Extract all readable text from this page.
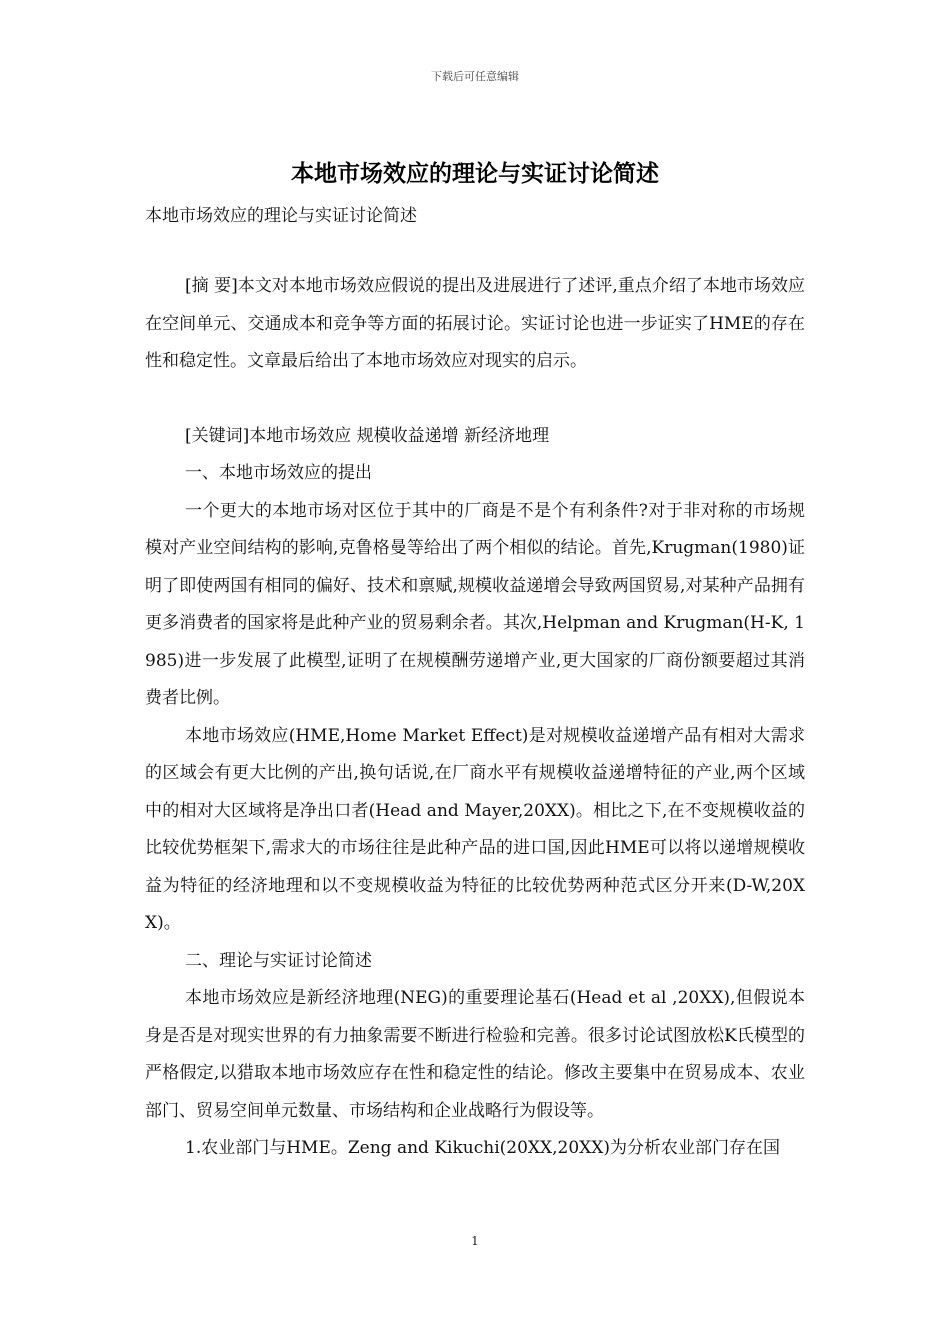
下载后可任意编辑
本地市场效应的理论与实证讨论简述
本地市场效应的理论与实证讨论简述
[摘 要]本文对本地市场效应假说的提出及进展进行了述评,重点介绍了本地市场效应在空间单元、交通成本和竞争等方面的拓展讨论。实证讨论也进一步证实了HME的存在性和稳定性。文章最后给出了本地市场效应对现实的启示。
[关键词]本地市场效应 规模收益递增 新经济地理

一、本地市场效应的提出

一个更大的本地市场对区位于其中的厂商是不是个有利条件?对于非对称的市场规模对产业空间结构的影响,克鲁格曼等给出了两个相似的结论。首先,Krugman(1980)证明了即使两国有相同的偏好、技术和禀赋,规模收益递增会导致两国贸易,对某种产品拥有更多消费者的国家将是此种产业的贸易剩余者。其次,Helpman and Krugman(H-K, 1985)进一步发展了此模型,证明了在规模酬劳递增产业,更大国家的厂商份额要超过其消费者比例。

本地市场效应(HME,Home Market Effect)是对规模收益递增产品有相对大需求的区域会有更大比例的产出,换句话说,在厂商水平有规模收益递增特征的产业,两个区域中的相对大区域将是净出口者(Head and Mayer,20XX)。相比之下,在不变规模收益的比较优势框架下,需求大的市场往往是此种产品的进口国,因此HME可以将以递增规模收益为特征的经济地理和以不变规模收益为特征的比较优势两种范式区分开来(D-W,20XX)。

二、理论与实证讨论简述

本地市场效应是新经济地理(NEG)的重要理论基石(Head et al ,20XX),但假说本身是否是对现实世界的有力抽象需要不断进行检验和完善。很多讨论试图放松K氏模型的严格假定,以猎取本地市场效应存在性和稳定性的结论。修改主要集中在贸易成本、农业部门、贸易空间单元数量、市场结构和企业战略行为假设等。

1.农业部门与HME。Zeng and Kikuchi(20XX,20XX)为分析农业部门存在国

1
